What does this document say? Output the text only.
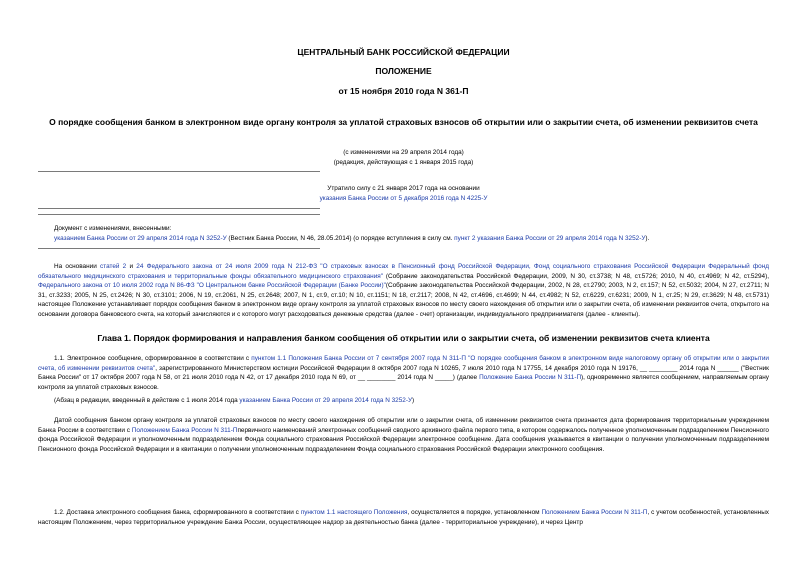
ЦЕНТРАЛЬНЫЙ БАНК РОССИЙСКОЙ ФЕДЕРАЦИИ
ПОЛОЖЕНИЕ
от 15 ноября 2010 года N 361-П
О порядке сообщения банком в электронном виде органу контроля за уплатой страховых взносов об открытии или о закрытии счета, об изменении реквизитов счета
(с изменениями на 29 апреля 2014 года)
(редакция, действующая с 1 января 2015 года)
Утратило силу с 21 января 2017 года на основании
указания Банка России от 5 декабря 2016 года N 4225-У
Документ с изменениями, внесенными:
указанием Банка России от 29 апреля 2014 года N 3252-У (Вестник Банка России, N 46, 28.05.2014) (о порядке вступления в силу см. пункт 2 указания Банка России от 29 апреля 2014 года N 3252-У).
На основании статей 2 и 24 Федерального закона от 24 июля 2009 года N 212-ФЗ "О страховых взносах в Пенсионный фонд Российской Федерации, Фонд социального страхования Российской Федерации Федеральный фонд обязательного медицинского страхования и территориальные фонды обязательного медицинского страхования" (Собрание законодательства Российской Федерации, 2009, N 30, ст.3738; N 48, ст.5726; 2010, N 40, ст.4969; N 42, ст.5294), Федерального закона от 10 июля 2002 года N 86-ФЗ "О Центральном банке Российской Федерации (Банке России)"(Собрание законодательства Российской Федерации, 2002, N 28, ст.2790; 2003, N 2, ст.157; N 52, ст.5032; 2004, N 27, ст.2711; N 31, ст.3233; 2005, N 25, ст.2426; N 30, ст.3101; 2006, N 19, ст.2061, N 25, ст.2648; 2007, N 1, ст.9, ст.10; N 10, ст.1151; N 18, ст.2117; 2008, N 42, ст.4696, ст.4699; N 44, ст.4982; N 52, ст.6229, ст.6231; 2009, N 1, ст.25; N 29, ст.3629; N 48, ст.5731) настоящее Положение устанавливает порядок сообщения банком в электронном виде органу контроля за уплатой страховых взносов по месту своего нахождения об открытии или о закрытии счета, об изменении реквизитов счета, открытого на основании договора банковского счета, на который зачисляются и с которого могут расходоваться денежные средства (далее - счет) организации, индивидуального предпринимателя (далее - клиенты).
Глава 1. Порядок формирования и направления банком сообщения об открытии или о закрытии счета, об изменении реквизитов счета клиента
1.1. Электронное сообщение, сформированное в соответствии с пунктом 1.1 Положения Банка России от 7 сентября 2007 года N 311-П "О порядке сообщения банком в электронном виде налоговому органу об открытии или о закрытии счета, об изменении реквизитов счета", зарегистрированного Министерством юстиции Российской Федерации 8 октября 2007 года N 10265, 7 июля 2010 года N 17755, 14 декабря 2010 года N 19176, __ ________ 2014 года N ______ ("Вестник Банка России" от 17 октября 2007 года N 58, от 21 июля 2010 года N 42, от 17 декабря 2010 года N 69, от __ ________ 2014 года N _____) (далее Положение Банка России N 311-П), одновременно является сообщением, направляемым органу контроля за уплатой страховых взносов.
(Абзац в редакции, введенный в действие с 1 июля 2014 года указанием Банка России от 29 апреля 2014 года N 3252-У)
Датой сообщения банком органу контроля за уплатой страховых взносов по месту своего нахождения об открытии или о закрытии счета, об изменении реквизитов счета признается дата формирования территориальным учреждением Банка России в соответствии с Положением Банка России N 311-Ппервичного наименований электронных сообщений сводного архивного файла первого типа, в котором содержалось полученное уполномоченным подразделением Пенсионного фонда Российской Федерации и уполномоченным подразделением Фонда социального страхования Российской Федерации электронное сообщение. Дата сообщения указывается в квитанции о получении уполномоченным подразделением Пенсионного фонда Российской Федерации и в квитанции о получении уполномоченным подразделением Фонда социального страхования Российской Федерации электронного сообщения.
1.2. Доставка электронного сообщения банка, сформированного в соответствии с пунктом 1.1 настоящего Положения, осуществляется в порядке, установленном Положением Банка России N 311-П, с учетом особенностей, установленных настоящим Положением, через территориальное учреждение Банка России, осуществляющее надзор за деятельностью банка (далее - территориальное учреждение), и через Центр
